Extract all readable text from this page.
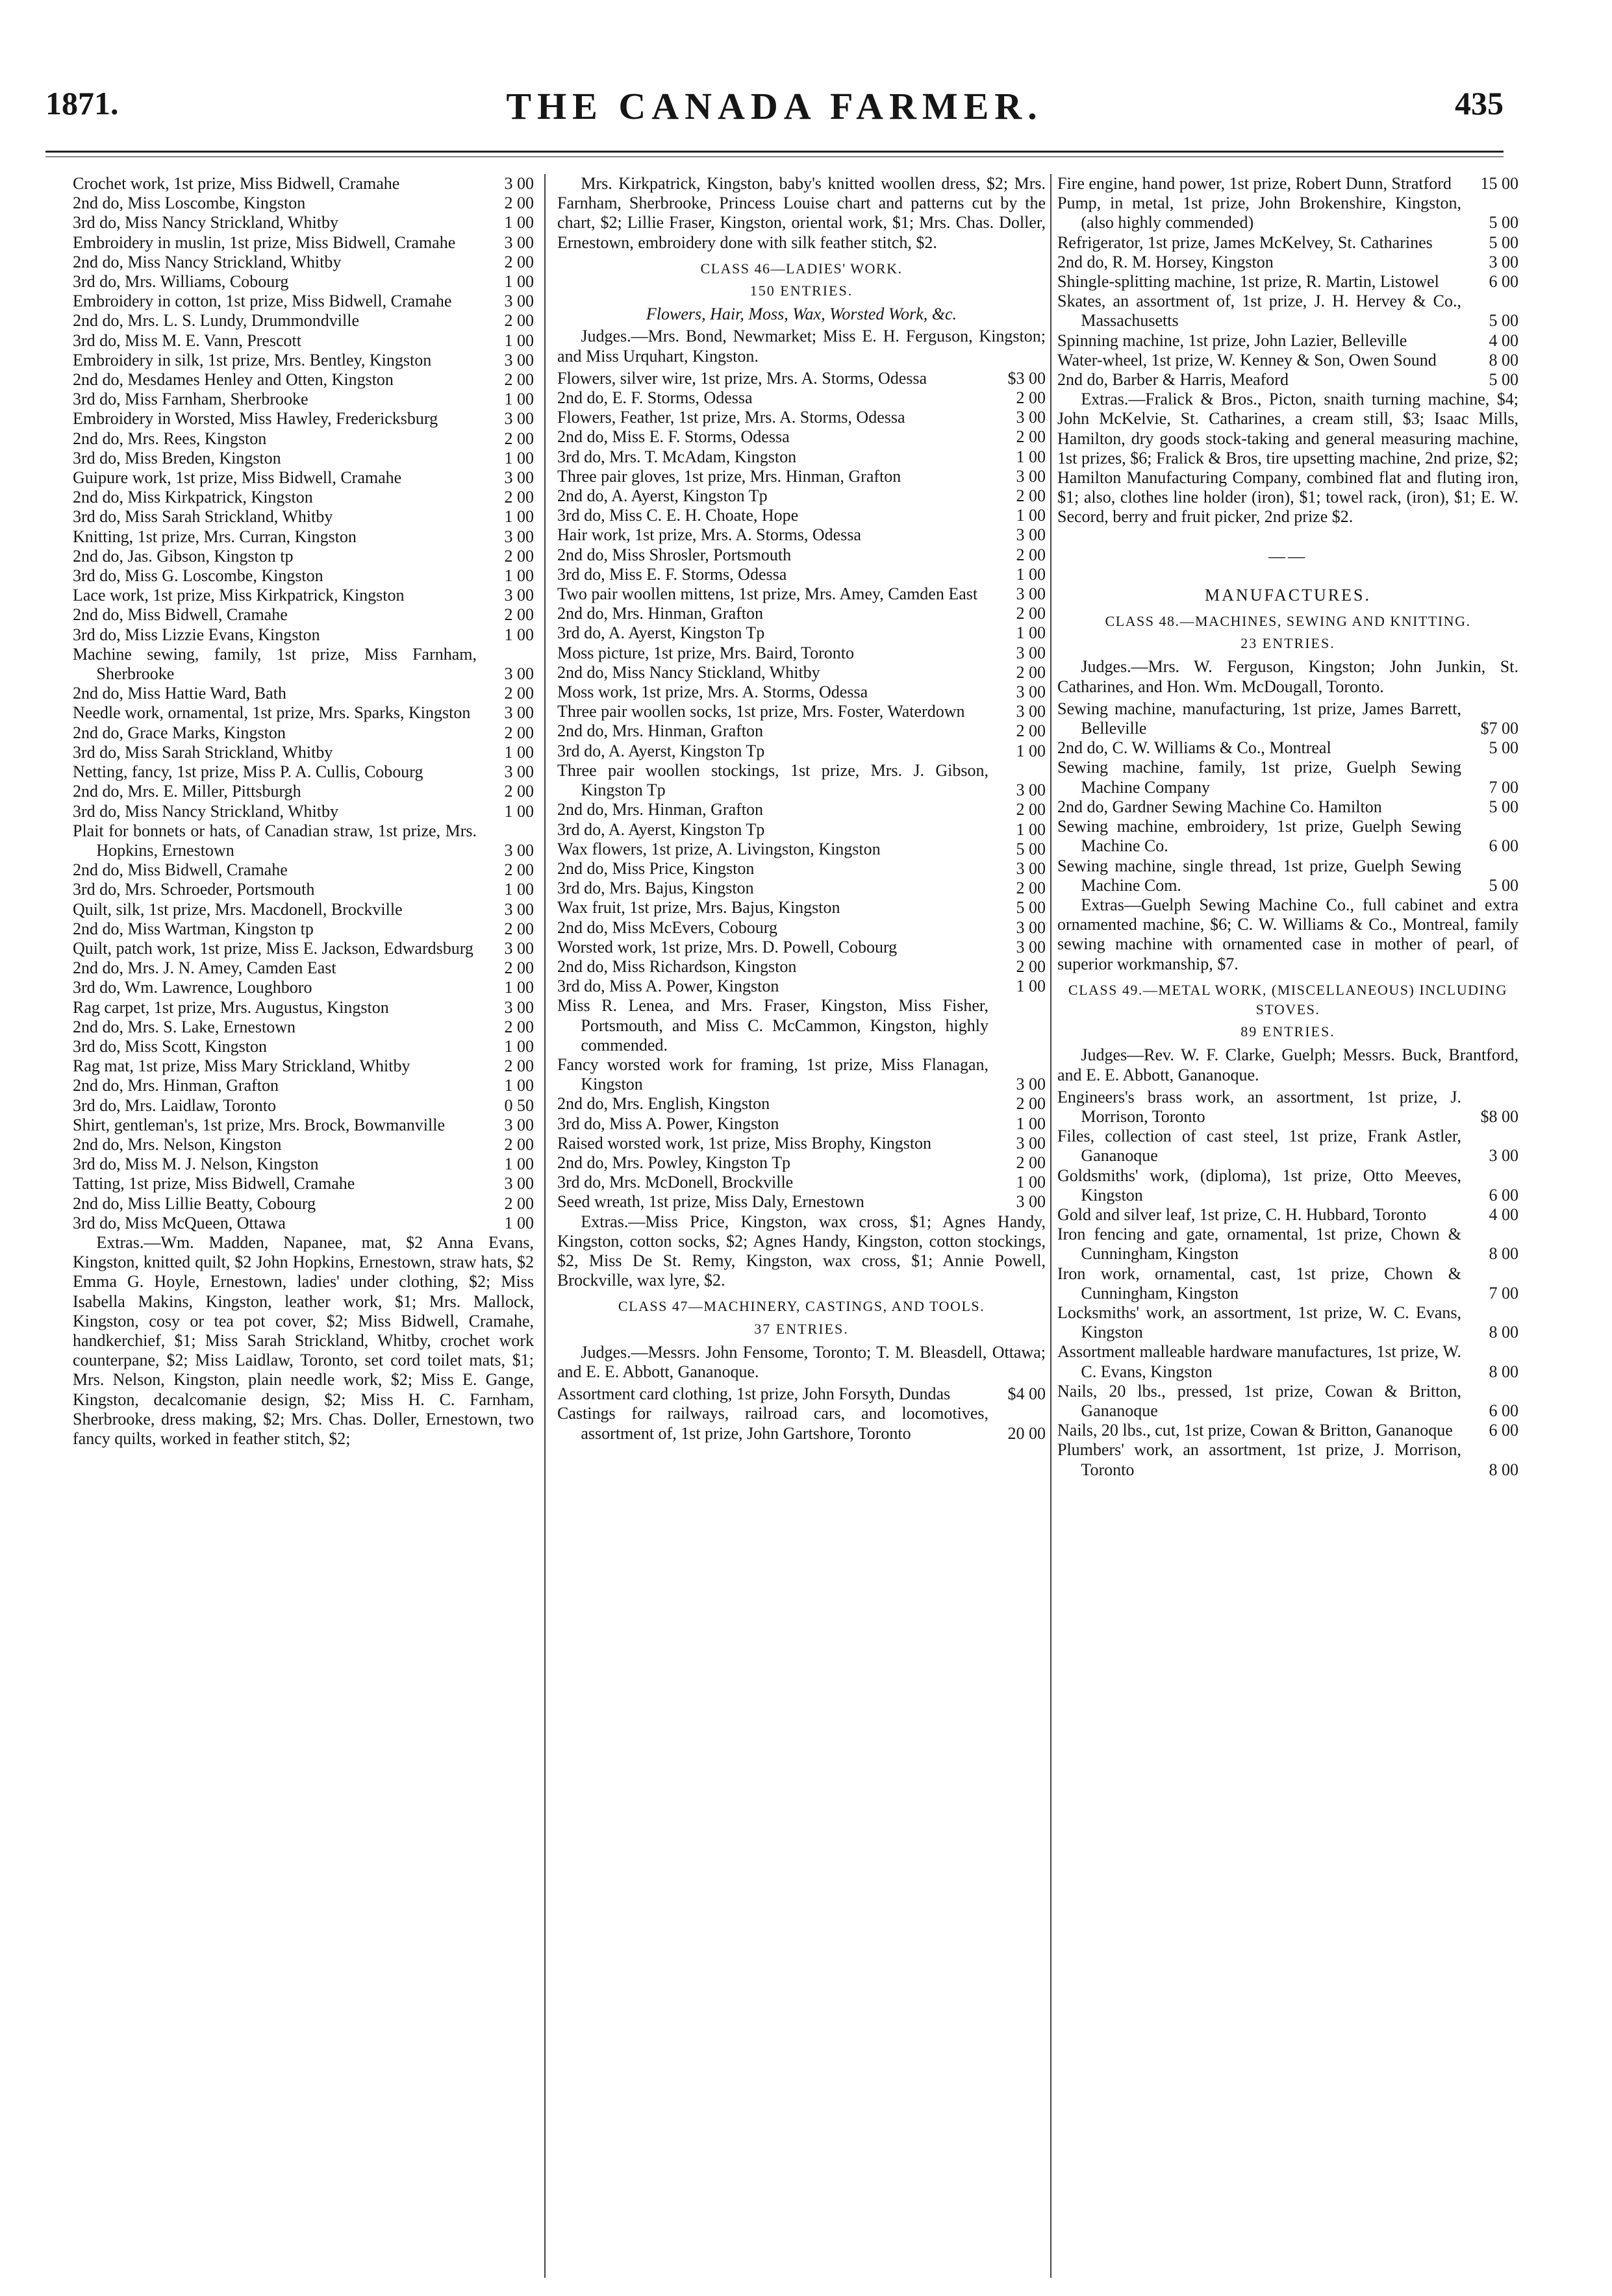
1871.	THE CANADA FARMER.	435
Crochet work, 1st prize, Miss Bidwell, Cramahe	3 00
2nd do, Miss Loscombe, Kingston	2 00
3rd do, Miss Nancy Strickland, Whitby	1 00
Embroidery in muslin, 1st prize, Miss Bidwell, Cramahe	3 00
2nd do, Miss Nancy Strickland, Whitby	2 00
3rd do, Mrs. Williams, Cobourg	1 00
Embroidery in cotton, 1st prize, Miss Bidwell, Cramahe	3 00
2nd do, Mrs. L. S. Lundy, Drummondville	2 00
3rd do, Miss M. E. Vann, Prescott	1 00
Embroidery in silk, 1st prize, Mrs. Bentley, Kingston	3 00
2nd do, Mesdames Henley and Otten, Kingston	2 00
3rd do, Miss Farnham, Sherbrooke	1 00
Embroidery in Worsted, Miss Hawley, Fredericksburg	3 00
2nd do, Mrs. Rees, Kingston	2 00
3rd do, Miss Breden, Kingston	1 00
Guipure work, 1st prize, Miss Bidwell, Cramahe	3 00
2nd do, Miss Kirkpatrick, Kingston	2 00
3rd do, Miss Sarah Strickland, Whitby	1 00
Knitting, 1st prize, Mrs. Curran, Kingston	3 00
2nd do, Jas. Gibson, Kingston tp	2 00
3rd do, Miss G. Loscombe, Kingston	1 00
Lace work, 1st prize, Miss Kirkpatrick, Kingston	3 00
2nd do, Miss Bidwell, Cramahe	2 00
3rd do, Miss Lizzie Evans, Kingston	1 00
Machine sewing, family, 1st prize, Miss Farnham, Sherbrooke	3 00
2nd do, Miss Hattie Ward, Bath	2 00
Needle work, ornamental, 1st prize, Mrs. Sparks, Kingston	3 00
2nd do, Grace Marks, Kingston	2 00
3rd do, Miss Sarah Strickland, Whitby	1 00
Netting, fancy, 1st prize, Miss P. A. Cullis, Cobourg	3 00
2nd do, Mrs. E. Miller, Pittsburgh	2 00
3rd do, Miss Nancy Strickland, Whitby	1 00
Plait for bonnets or hats, of Canadian straw, 1st prize, Mrs. Hopkins, Ernestown	3 00
2nd do, Miss Bidwell, Cramahe	2 00
3rd do, Mrs. Schroeder, Portsmouth	1 00
Quilt, silk, 1st prize, Mrs. Macdonell, Brockville	3 00
2nd do, Miss Wartman, Kingston tp	2 00
Quilt, patch work, 1st prize, Miss E. Jackson, Edwardsburg	3 00
2nd do, Mrs. J. N. Amey, Camden East	2 00
3rd do, Wm. Lawrence, Loughboro	1 00
Rag carpet, 1st prize, Mrs. Augustus, Kingston	3 00
2nd do, Mrs. S. Lake, Ernestown	2 00
3rd do, Miss Scott, Kingston	1 00
Rag mat, 1st prize, Miss Mary Strickland, Whitby	2 00
2nd do, Mrs. Hinman, Grafton	1 00
3rd do, Mrs. Laidlaw, Toronto	0 50
Shirt, gentleman's, 1st prize, Mrs. Brock, Bowmanville	3 00
2nd do, Mrs. Nelson, Kingston	2 00
3rd do, Miss M. J. Nelson, Kingston	1 00
Tatting, 1st prize, Miss Bidwell, Cramahe	3 00
2nd do, Miss Lillie Beatty, Cobourg	2 00
3rd do, Miss McQueen, Ottawa	1 00
Extras.—Wm. Madden, Napanee, mat, $2 Anna Evans, Kingston, knitted quilt, $2 John Hopkins, Ernestown, straw hats, $2 Emma G. Hoyle, Ernestown, ladies' under clothing, $2; Miss Isabella Makins, Kingston, leather work, $1; Mrs. Mallock, Kingston, cosy or tea pot cover, $2; Miss Bidwell, Cramahe, handkerchief, $1; Miss Sarah Strickland, Whitby, crochet work counterpane, $2; Miss Laidlaw, Toronto, set cord toilet mats, $1; Mrs. Nelson, Kingston, plain needle work, $2; Miss E. Gange, Kingston, decalcomanie design, $2; Miss H. C. Farnham, Sherbrooke, dress making, $2; Mrs. Chas. Doller, Ernestown, two fancy quilts, worked in feather stitch, $2;
Mrs. Kirkpatrick, Kingston, baby's knitted woollen dress, $2; Mrs. Farnham, Sherbrooke, Princess Louise chart and patterns cut by the chart, $2; Lillie Fraser, Kingston, oriental work, $1; Mrs. Chas. Doller, Ernestown, embroidery done with silk feather stitch, $2.
CLASS 46—LADIES' WORK.
150 ENTRIES.
Flowers, Hair, Moss, Wax, Worsted Work, &c.
Judges.—Mrs. Bond, Newmarket; Miss E. H. Ferguson, Kingston; and Miss Urquhart, Kingston.
Flowers, silver wire, 1st prize, Mrs. A. Storms, Odessa	$3 00
2nd do, E. F. Storms, Odessa	2 00
Flowers, Feather, 1st prize, Mrs. A. Storms, Odessa	3 00
2nd do, Miss E. F. Storms, Odessa	2 00
3rd do, Mrs. T. McAdam, Kingston	1 00
Three pair gloves, 1st prize, Mrs. Hinman, Grafton	3 00
2nd do, A. Ayerst, Kingston Tp	2 00
3rd do, Miss C. E. H. Choate, Hope	1 00
Hair work, 1st prize, Mrs. A. Storms, Odessa	3 00
2nd do, Miss Shrosler, Portsmouth	2 00
3rd do, Miss E. F. Storms, Odessa	1 00
Two pair woollen mittens, 1st prize, Mrs. Amey, Camden East	3 00
2nd do, Mrs. Hinman, Grafton	2 00
3rd do, A. Ayerst, Kingston Tp	1 00
Moss picture, 1st prize, Mrs. Baird, Toronto	3 00
2nd do, Miss Nancy Stickland, Whitby	2 00
Moss work, 1st prize, Mrs. A. Storms, Odessa	3 00
Three pair woollen socks, 1st prize, Mrs. Foster, Waterdown	3 00
2nd do, Mrs. Hinman, Grafton	2 00
3rd do, A. Ayerst, Kingston Tp	1 00
Three pair woollen stockings, 1st prize, Mrs. J. Gibson, Kingston Tp	3 00
2nd do, Mrs. Hinman, Grafton	2 00
3rd do, A. Ayerst, Kingston Tp	1 00
Wax flowers, 1st prize, A. Livingston, Kingston	5 00
2nd do, Miss Price, Kingston	3 00
3rd do, Mrs. Bajus, Kingston	2 00
Wax fruit, 1st prize, Mrs. Bajus, Kingston	5 00
2nd do, Miss McEvers, Cobourg	3 00
Worsted work, 1st prize, Mrs. D. Powell, Cobourg	3 00
2nd do, Miss Richardson, Kingston	2 00
3rd do, Miss A. Power, Kingston	1 00
Miss R. Lenea, and Mrs. Fraser, Kingston, Miss Fisher, Portsmouth, and Miss C. McCammon, Kingston, highly commended.
Fancy worsted work for framing, 1st prize, Miss Flanagan, Kingston	3 00
2nd do, Mrs. English, Kingston	2 00
3rd do, Miss A. Power, Kingston	1 00
Raised worsted work, 1st prize, Miss Brophy, Kingston	3 00
2nd do, Mrs. Powley, Kingston Tp	2 00
3rd do, Mrs. McDonell, Brockville	1 00
Seed wreath, 1st prize, Miss Daly, Ernestown	3 00
Extras.—Miss Price, Kingston, wax cross, $1; Agnes Handy, Kingston, cotton socks, $2; Agnes Handy, Kingston, cotton stockings, $2, Miss De St. Remy, Kingston, wax cross, $1; Annie Powell, Brockville, wax lyre, $2.
CLASS 47—MACHINERY, CASTINGS, AND TOOLS.
37 ENTRIES.
Judges.—Messrs. John Fensome, Toronto; T. M. Bleasdell, Ottawa; and E. E. Abbott, Gananoque.
Assortment card clothing, 1st prize, John Forsyth, Dundas	$4 00
Castings for railways, railroad cars, and locomotives, assortment of, 1st prize, John Gartshore, Toronto	20 00
Fire engine, hand power, 1st prize, Robert Dunn, Stratford	15 00
Pump, in metal, 1st prize, John Brokenshire, Kingston, (also highly commended)	5 00
Refrigerator, 1st prize, James McKelvey, St. Catharines	5 00
2nd do, R. M. Horsey, Kingston	3 00
Shingle-splitting machine, 1st prize, R. Martin, Listowel	6 00
Skates, an assortment of, 1st prize, J. H. Hervey & Co., Massachusetts	5 00
Spinning machine, 1st prize, John Lazier, Belleville	4 00
Water-wheel, 1st prize, W. Kenney & Son, Owen Sound	8 00
2nd do, Barber & Harris, Meaford	5 00
Extras.—Fralick & Bros., Picton, snaith turning machine, $4; John McKelvie, St. Catharines, a cream still, $3; Isaac Mills, Hamilton, dry goods stock-taking and general measuring machine, 1st prizes, $6; Fralick & Bros, tire upsetting machine, 2nd prize, $2; Hamilton Manufacturing Company, combined flat and fluting iron, $1; also, clothes line holder (iron), $1; towel rack, (iron), $1; E. W. Secord, berry and fruit picker, 2nd prize $2.
——
MANUFACTURES.
CLASS 48.—MACHINES, SEWING AND KNITTING.
23 ENTRIES.
Judges.—Mrs. W. Ferguson, Kingston; John Junkin, St. Catharines, and Hon. Wm. McDougall, Toronto.
Sewing machine, manufacturing, 1st prize, James Barrett, Belleville	$7 00
2nd do, C. W. Williams & Co., Montreal	5 00
Sewing machine, family, 1st prize, Guelph Sewing Machine Company	7 00
2nd do, Gardner Sewing Machine Co. Hamilton	5 00
Sewing machine, embroidery, 1st prize, Guelph Sewing Machine Co.	6 00
Sewing machine, single thread, 1st prize, Guelph Sewing Machine Com.	5 00
Extras—Guelph Sewing Machine Co., full cabinet and extra ornamented machine, $6; C. W. Williams & Co., Montreal, family sewing machine with ornamented case in mother of pearl, of superior workmanship, $7.
CLASS 49.—METAL WORK, (MISCELLANEOUS) INCLUDING STOVES.
89 ENTRIES.
Judges—Rev. W. F. Clarke, Guelph; Messrs. Buck, Brantford, and E. E. Abbott, Gananoque.
Engineers's brass work, an assortment, 1st prize, J. Morrison, Toronto	$8 00
Files, collection of cast steel, 1st prize, Frank Astler, Gananoque	3 00
Goldsmiths' work, (diploma), 1st prize, Otto Meeves, Kingston	6 00
Gold and silver leaf, 1st prize, C. H. Hubbard, Toronto	4 00
Iron fencing and gate, ornamental, 1st prize, Chown & Cunningham, Kingston	8 00
Iron work, ornamental, cast, 1st prize, Chown & Cunningham, Kingston	7 00
Locksmiths' work, an assortment, 1st prize, W. C. Evans, Kingston	8 00
Assortment malleable hardware manufactures, 1st prize, W. C. Evans, Kingston	8 00
Nails, 20 lbs., pressed, 1st prize, Cowan & Britton, Gananoque	6 00
Nails, 20 lbs., cut, 1st prize, Cowan & Britton, Gananoque	6 00
Plumbers' work, an assortment, 1st prize, J. Morrison, Toronto	8 00
